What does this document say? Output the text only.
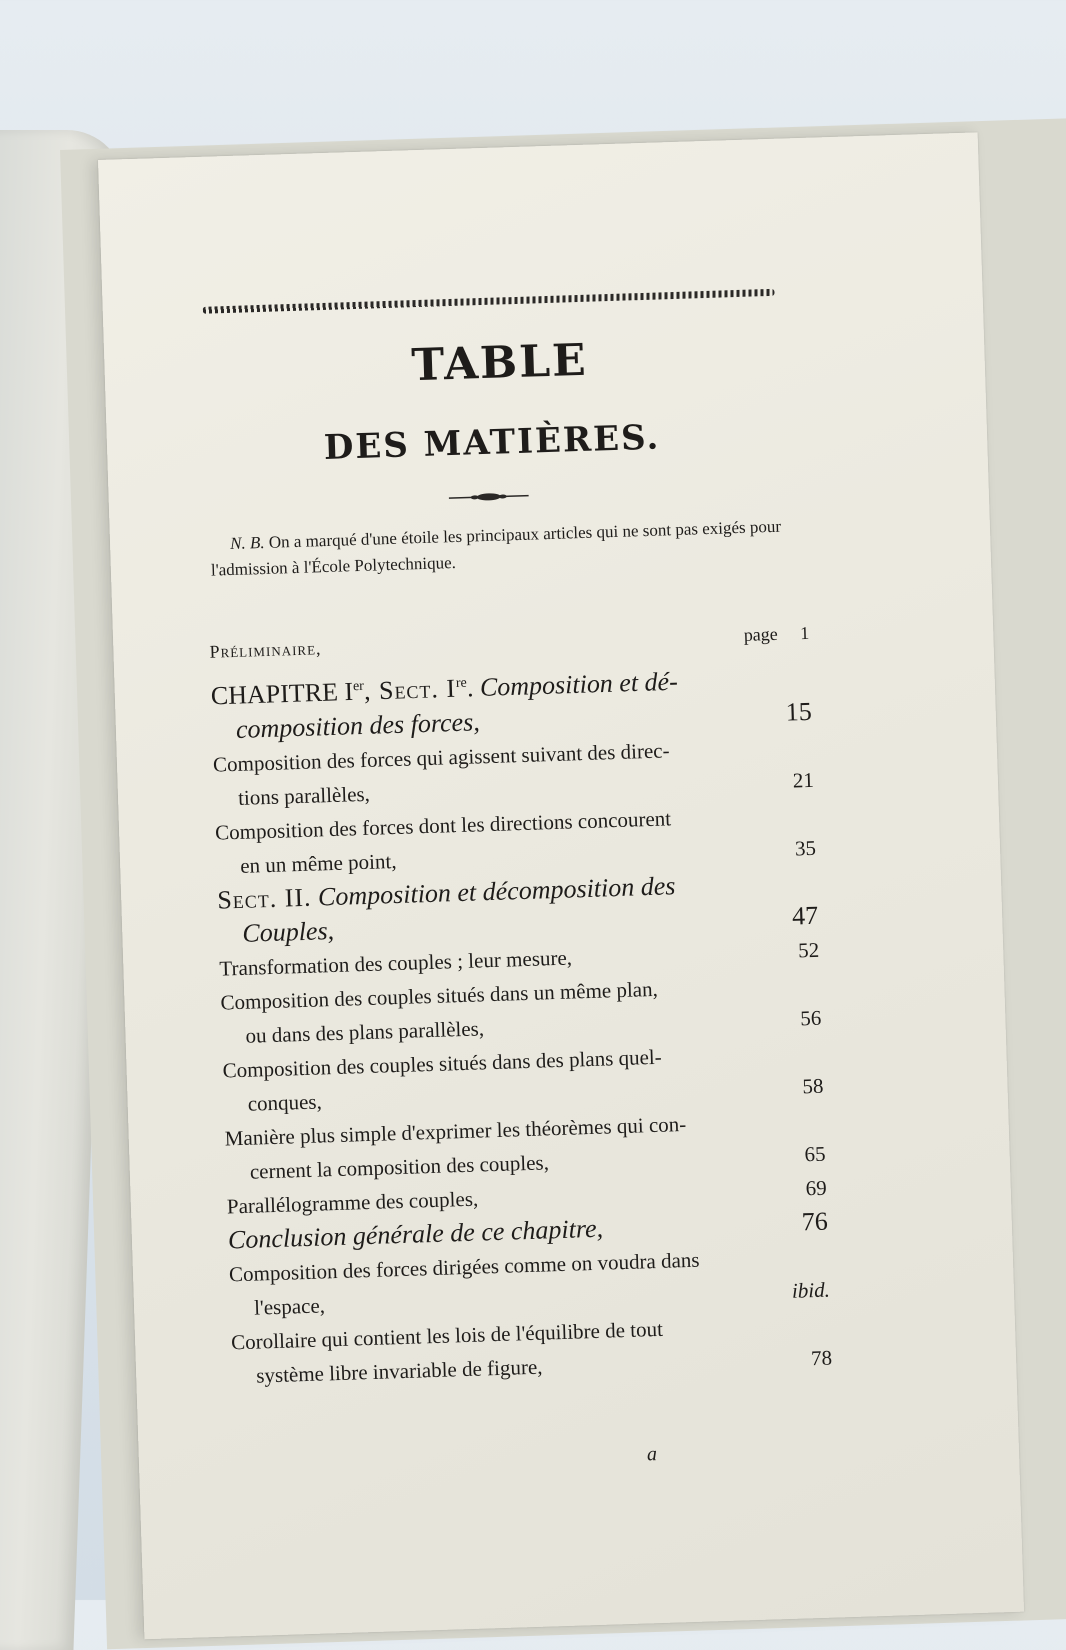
TABLE
DES MATIÈRES.
N. B. On a marqué d'une étoile les principaux articles qui ne sont pas exigés pour l'admission à l'École Polytechnique.
Préliminaire,
page 1
CHAPITRE Ier, Sect. Ire. Composition et dé-
composition des forces,	15
Composition des forces qui agissent suivant des direc-
tions parallèles,
21
Composition des forces dont les directions concourent
en un même point,
35
Sect. II. Composition et décomposition des
Couples,
47
Transformation des couples ; leur mesure,	52
Composition des couples situés dans un même plan,
ou dans des plans parallèles,	56
Composition des couples situés dans des plans quel-
conques,
58
Manière plus simple d'exprimer les théorèmes qui con-
cernent la composition des couples,	65
Parallélogramme des couples,	69
Conclusion générale de ce chapitre,	76
Composition des forces dirigées comme on voudra dans
l'espace,
ibid.
Corollaire qui contient les lois de l'équilibre de tout
système libre invariable de figure,	78
a
